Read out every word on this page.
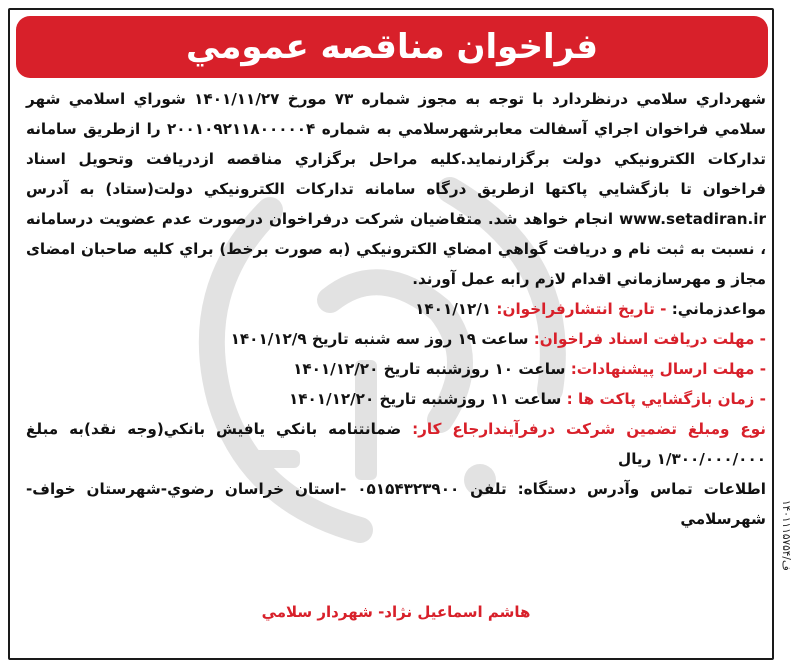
فراخوان مناقصه عمومي

شهرداري سلامي درنظردارد با توجه به مجوز شماره ۷۳ مورخ ۱۴۰۱/۱۱/۲۷ شوراي اسلامي شهر سلامي فراخوان اجراي آسفالت معابرشهرسلامي به شماره ۲۰۰۱۰۹۲۱۱۸۰۰۰۰۰۴ را ازطريق سامانه تداركات الكترونيكي دولت برگزارنمايد.كليه مراحل برگزاري مناقصه ازدريافت وتحويل اسناد فراخوان تا بازگشايي پاكتها ازطريق درگاه سامانه تداركات الكترونيكي دولت(ستاد) به آدرس www.setadiran.ir انجام خواهد شد. متقاضيان شركت درفراخوان درصورت عدم عضويت درسامانه ، نسبت به ثبت نام و دريافت گواهي امضاي الكترونيكي (به صورت برخط) براي كليه صاحبان امضاى مجاز و مهرسازماني اقدام لازم رابه عمل آورند.

مواعدزماني: - تاريخ انتشارفراخوان: ۱۴۰۱/۱۲/۱

- مهلت دريافت اسناد فراخوان: ساعت ۱۹ روز سه شنبه تاريخ ۱۴۰۱/۱۲/۹

- مهلت ارسال پيشنهادات: ساعت ۱۰ روزشنبه تاريخ ۱۴۰۱/۱۲/۲۰

- زمان بازگشايي پاكت ها : ساعت ۱۱ روزشنبه تاريخ ۱۴۰۱/۱۲/۲۰

نوع ومبلغ تضمين شركت درفرآيندارجاع كار: ضمانتنامه بانكي يافيش بانكي(وجه نقد)به مبلغ ۱/۳۰۰/۰۰۰/۰۰۰ ريال

اطلاعات تماس وآدرس دستگاه: تلفن ۰۵۱۵۴۳۲۳۹۰۰ -استان خراسان رضوي-شهرستان خواف- شهرسلامي

هاشم اسماعيل نژاد- شهردار سلامي
۱۴۰۱۱۱۵۷۵۴/ف
